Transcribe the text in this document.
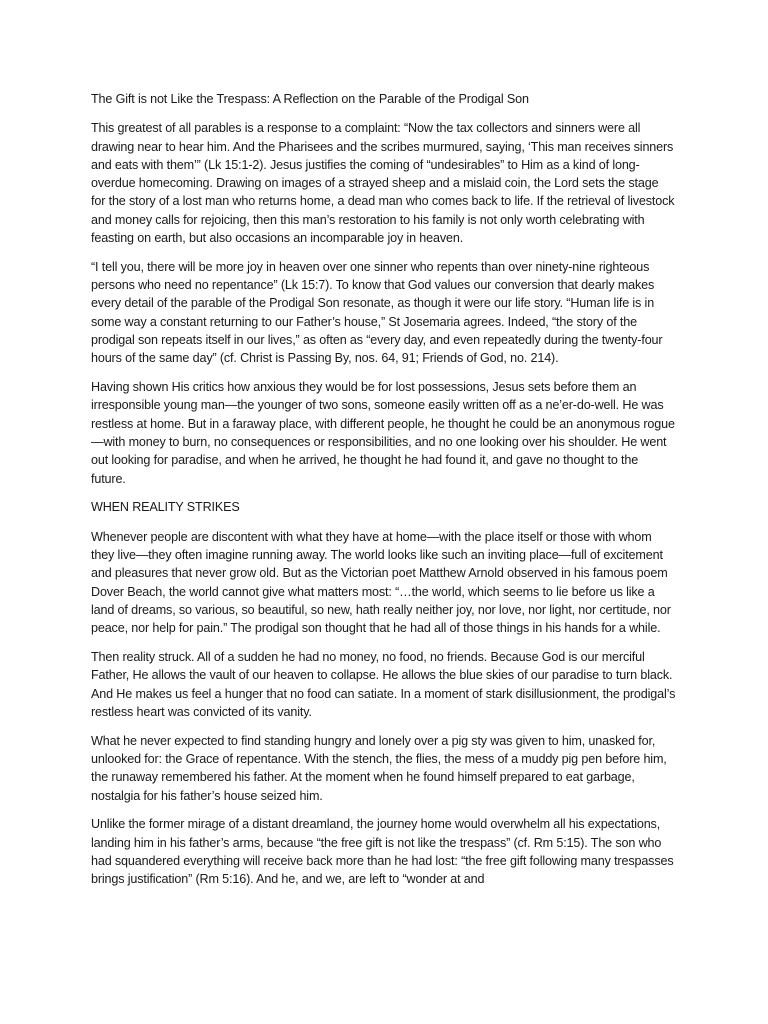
The Gift is not Like the Trespass: A Reflection on the Parable of the Prodigal Son

This greatest of all parables is a response to a complaint: “Now the tax collectors and sinners were all drawing near to hear him. And the Pharisees and the scribes murmured, saying, ‘This man receives sinners and eats with them’” (Lk 15:1-2). Jesus justifies the coming of “undesirables” to Him as a kind of long-overdue homecoming. Drawing on images of a strayed sheep and a mislaid coin, the Lord sets the stage for the story of a lost man who returns home, a dead man who comes back to life. If the retrieval of livestock and money calls for rejoicing, then this man’s restoration to his family is not only worth celebrating with feasting on earth, but also occasions an incomparable joy in heaven.

“I tell you, there will be more joy in heaven over one sinner who repents than over ninety-nine righteous persons who need no repentance” (Lk 15:7). To know that God values our conversion that dearly makes every detail of the parable of the Prodigal Son resonate, as though it were our life story. “Human life is in some way a constant returning to our Father’s house,” St Josemaria agrees. Indeed, “the story of the prodigal son repeats itself in our lives,” as often as “every day, and even repeatedly during the twenty-four hours of the same day” (cf. Christ is Passing By, nos. 64, 91; Friends of God, no. 214).

Having shown His critics how anxious they would be for lost possessions, Jesus sets before them an irresponsible young man—the younger of two sons, someone easily written off as a ne’er-do-well. He was restless at home. But in a faraway place, with different people, he thought he could be an anonymous rogue—with money to burn, no consequences or responsibilities, and no one looking over his shoulder. He went out looking for paradise, and when he arrived, he thought he had found it, and gave no thought to the future.

WHEN REALITY STRIKES

Whenever people are discontent with what they have at home—with the place itself or those with whom they live—they often imagine running away. The world looks like such an inviting place—full of excitement and pleasures that never grow old. But as the Victorian poet Matthew Arnold observed in his famous poem Dover Beach, the world cannot give what matters most: “…the world, which seems to lie before us like a land of dreams, so various, so beautiful, so new, hath really neither joy, nor love, nor light, nor certitude, nor peace, nor help for pain.” The prodigal son thought that he had all of those things in his hands for a while.

Then reality struck. All of a sudden he had no money, no food, no friends. Because God is our merciful Father, He allows the vault of our heaven to collapse. He allows the blue skies of our paradise to turn black. And He makes us feel a hunger that no food can satiate. In a moment of stark disillusionment, the prodigal’s restless heart was convicted of its vanity.

What he never expected to find standing hungry and lonely over a pig sty was given to him, unasked for, unlooked for: the Grace of repentance. With the stench, the flies, the mess of a muddy pig pen before him, the runaway remembered his father. At the moment when he found himself prepared to eat garbage, nostalgia for his father’s house seized him.

Unlike the former mirage of a distant dreamland, the journey home would overwhelm all his expectations, landing him in his father’s arms, because “the free gift is not like the trespass” (cf. Rm 5:15). The son who had squandered everything will receive back more than he had lost: “the free gift following many trespasses brings justification” (Rm 5:16). And he, and we, are left to “wonder at and
